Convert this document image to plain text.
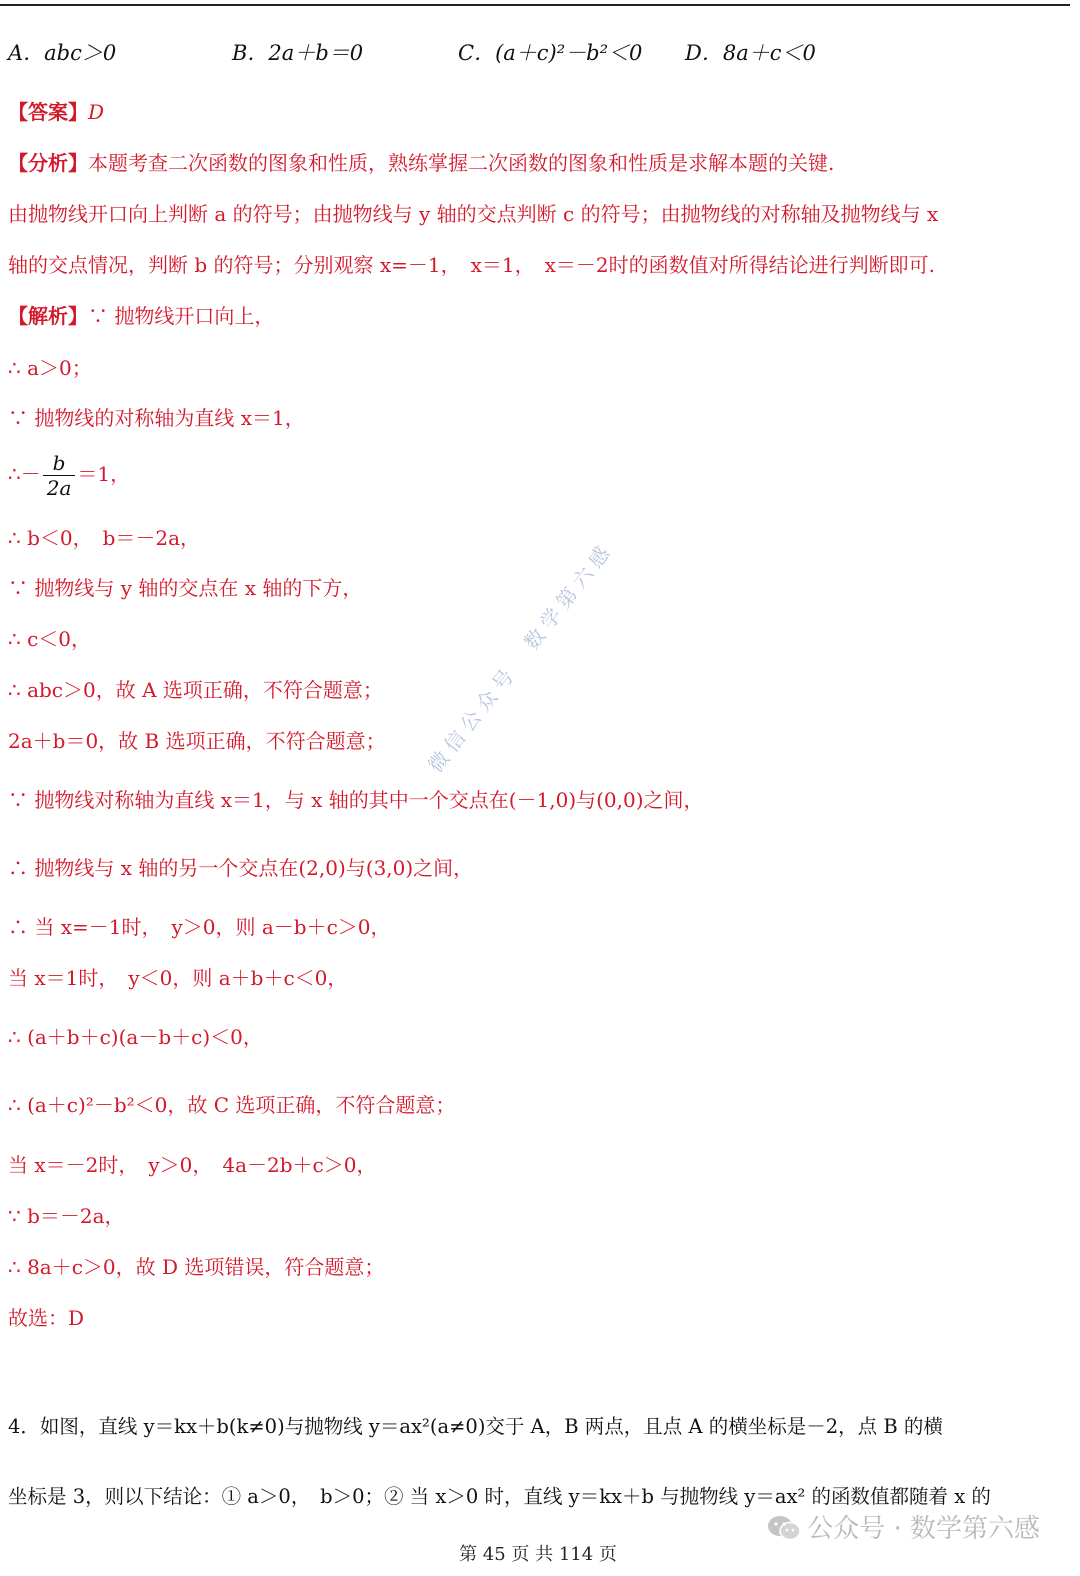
A．abc＞0	B．2a＋b＝0	C．(a＋c)²－b²＜0 D．8a＋c＜0
【答案】D
【分析】本题考查二次函数的图象和性质，熟练掌握二次函数的图象和性质是求解本题的关键.
由抛物线开口向上判断 a 的符号；由抛物线与 y 轴的交点判断 c 的符号；由抛物线的对称轴及抛物线与 x
轴的交点情况，判断 b 的符号；分别观察 x=－1，　x＝1，　x＝－2时的函数值对所得结论进行判断即可.
【解析】∵ 抛物线开口向上，
∴ a＞0；
∵ 抛物线的对称轴为直线 x＝1，
∴－ $\frac{b}{2a} =1$，
∴ b＜0，　b＝－2a，
∵ 抛物线与 y 轴的交点在 x 轴的下方，
∴ c＜0，
∴ abc＞0，故 A 选项正确，不符合题意；
2a＋b＝0，故 B 选项正确，不符合题意；
∵ 抛物线对称轴为直线 x＝1，与 x 轴的其中一个交点在(－1,0)与(0,0)之间，
∴ 抛物线与 x 轴的另一个交点在(2,0)与(3,0)之间，
∴ 当 x=－1时，　y＞0，则 a－b＋c＞0，
当 x＝1时，　y＜0，则 a＋b＋c＜0，
∴ (a＋b＋c)(a－b＋c)＜0，
∴ (a＋c)²－b²＜0，故 C 选项正确，不符合题意；
当 x＝－2时，　y＞0，　4a－2b＋c＞0，
∵ b＝－2a，
∴ 8a＋c＞0，故 D 选项错误，符合题意；
故选：D
4．如图，直线 y＝kx＋b(k≠0)与抛物线 y＝ax²(a≠0)交于 A，B 两点，且点 A 的横坐标是－2，点 B 的横
坐标是 3，则以下结论：① a＞0，　b＞0；② 当 x＞0 时，直线 y＝kx＋b 与抛物线 y＝ax² 的函数值都随着 x 的
微信公众号　数学第六感
公众号 · 数学第六感
第 45 页 共 114 页
